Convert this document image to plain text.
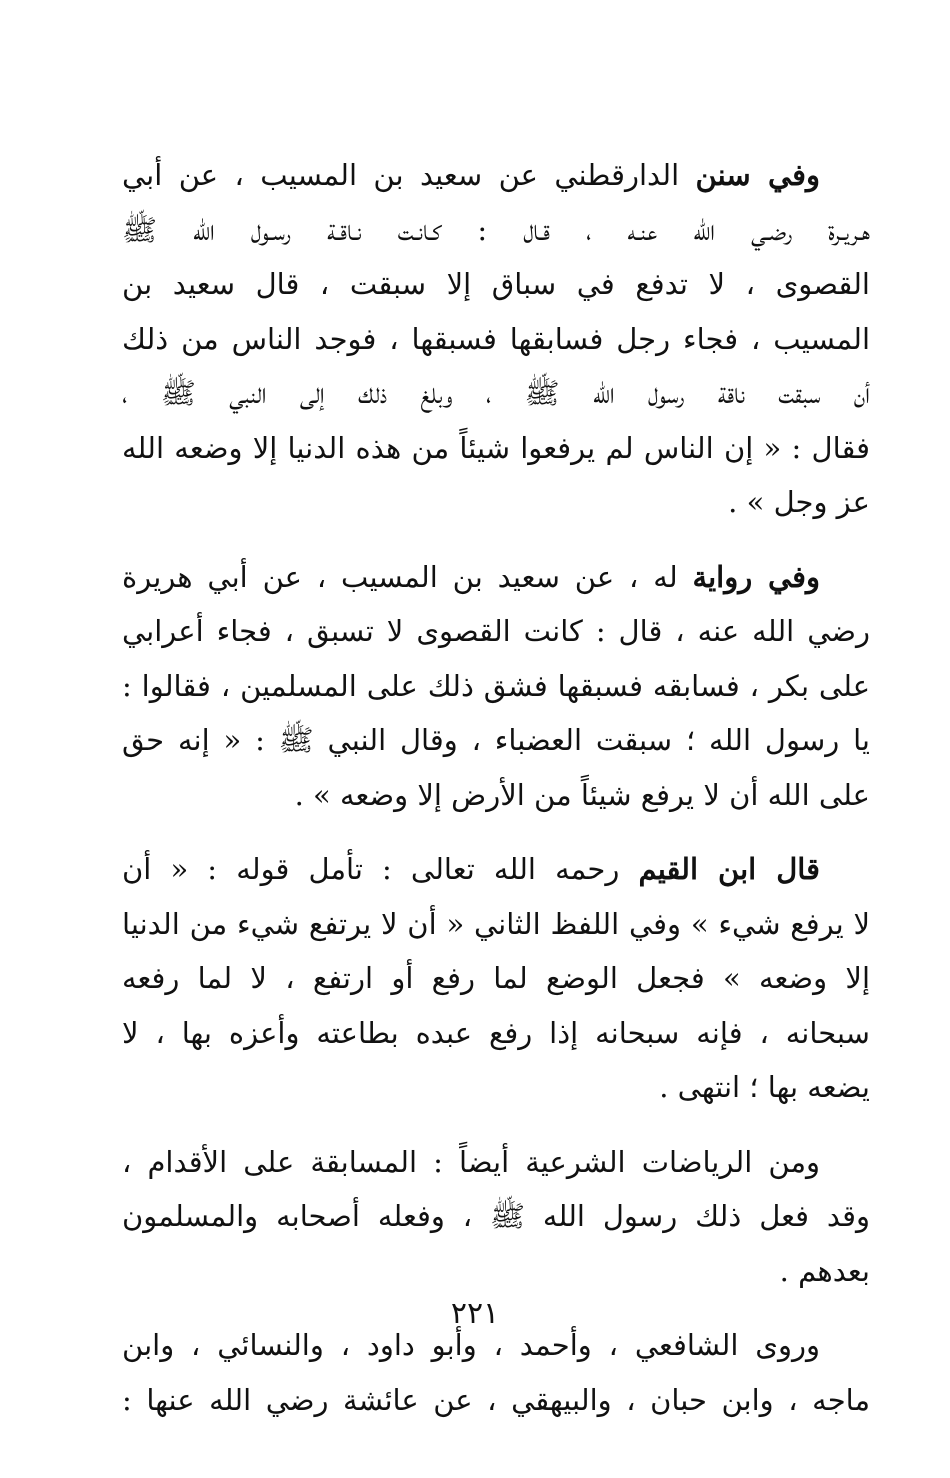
وفي سنن الدارقطني عن سعيد بن المسيب ، عن أبي
هـريـرة رضـي الله عنـه ، قـال : كـانـت نـاقـة رسـول الله ﷺ
القصوى ، لا تدفع في سباق إلا سبقت ، قال سعيد بن
المسيب ، فجاء رجل فسابقها فسبقها ، فوجد الناس من ذلك
أن سبقت ناقة رسول الله ﷺ ، وبلغ ذلك إلى النبي ﷺ ،
فقال : « إن الناس لم يرفعوا شيئاً من هذه الدنيا إلا وضعه الله
عز وجل » .

وفي رواية له ، عن سعيد بن المسيب ، عن أبي هريرة
رضي الله عنه ، قال : كانت القصوى لا تسبق ، فجاء أعرابي
على بكر ، فسابقه فسبقها فشق ذلك على المسلمين ، فقالوا :
يا رسول الله ؛ سبقت العضباء ، وقال النبي ﷺ : « إنه حق
على الله أن لا يرفع شيئاً من الأرض إلا وضعه » .

قال ابن القيم رحمه الله تعالى : تأمل قوله : « أن
لا يرفع شيء » وفي اللفظ الثاني « أن لا يرتفع شيء من الدنيا
إلا وضعه » فجعل الوضع لما رفع أو ارتفع ، لا لما رفعه
سبحانه ، فإنه سبحانه إذا رفع عبده بطاعته وأعزه بها ، لا
يضعه بها ؛ انتهى .

ومن الرياضات الشرعية أيضاً : المسابقة على الأقدام ،
وقد فعل ذلك رسول الله ﷺ ، وفعله أصحابه والمسلمون
بعدهم .

وروى الشافعي ، وأحمد ، وأبو داود ، والنسائي ، وابن
ماجه ، وابن حبان ، والبيهقي ، عن عائشة رضي الله عنها :

٢٢١
